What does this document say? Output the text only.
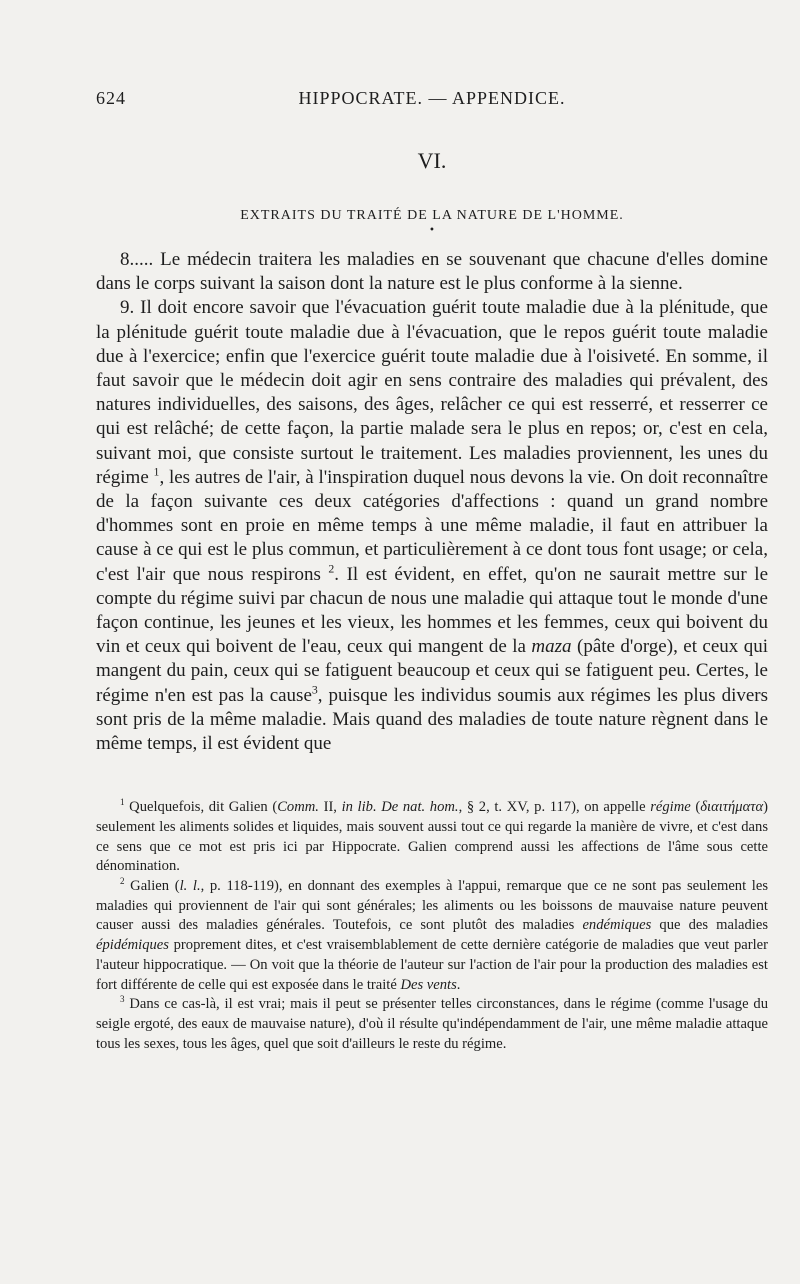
624	HIPPOCRATE. — APPENDICE.
VI.
EXTRAITS DU TRAITÉ DE LA NATURE DE L'HOMME.
•

8..... Le médecin traitera les maladies en se souvenant que chacune d'elles domine dans le corps suivant la saison dont la nature est le plus conforme à la sienne.

9. Il doit encore savoir que l'évacuation guérit toute maladie due à la plénitude, que la plénitude guérit toute maladie due à l'évacuation, que le repos guérit toute maladie due à l'exercice; enfin que l'exercice guérit toute maladie due à l'oisiveté. En somme, il faut savoir que le médecin doit agir en sens contraire des maladies qui prévalent, des natures individuelles, des saisons, des âges, relâcher ce qui est resserré, et resserrer ce qui est relâché; de cette façon, la partie malade sera le plus en repos; or, c'est en cela, suivant moi, que consiste surtout le traitement. Les maladies proviennent, les unes du régime $^1$, les autres de l'air, à l'inspiration duquel nous devons la vie. On doit reconnaître de la façon suivante ces deux catégories d'affections : quand un grand nombre d'hommes sont en proie en même temps à une même maladie, il faut en attribuer la cause à ce qui est le plus commun, et particulièrement à ce dont tous font usage; or cela, c'est l'air que nous respirons $^2$. Il est évident, en effet, qu'on ne saurait mettre sur le compte du régime suivi par chacun de nous une maladie qui attaque tout le monde d'une façon continue, les jeunes et les vieux, les hommes et les femmes, ceux qui boivent du vin et ceux qui boivent de l'eau, ceux qui mangent de la maza (pâte d'orge), et ceux qui mangent du pain, ceux qui se fatiguent beaucoup et ceux qui se fatiguent peu. Certes, le régime n'en est pas la cause$^3$, puisque les individus soumis aux régimes les plus divers sont pris de la même maladie. Mais quand des maladies de toute nature règnent dans le même temps, il est évident que

$^1$ Quelquefois, dit Galien (Comm. II, in lib. De nat. hom., § 2, t. XV, p. 117), on appelle régime (διαιτήματα) seulement les aliments solides et liquides, mais souvent aussi tout ce qui regarde la manière de vivre, et c'est dans ce sens que ce mot est pris ici par Hippocrate. Galien comprend aussi les affections de l'âme sous cette dénomination.

$^2$ Galien (l. l., p. 118-119), en donnant des exemples à l'appui, remarque que ce ne sont pas seulement les maladies qui proviennent de l'air qui sont générales; les aliments ou les boissons de mauvaise nature peuvent causer aussi des maladies générales. Toutefois, ce sont plutôt des maladies endémiques que des maladies épidémiques proprement dites, et c'est vraisemblablement de cette dernière catégorie de maladies que veut parler l'auteur hippocratique. — On voit que la théorie de l'auteur sur l'action de l'air pour la production des maladies est fort différente de celle qui est exposée dans le traité Des vents.

$^3$ Dans ce cas-là, il est vrai; mais il peut se présenter telles circonstances, dans le régime (comme l'usage du seigle ergoté, des eaux de mauvaise nature), d'où il résulte qu'indépendamment de l'air, une même maladie attaque tous les sexes, tous les âges, quel que soit d'ailleurs le reste du régime.
